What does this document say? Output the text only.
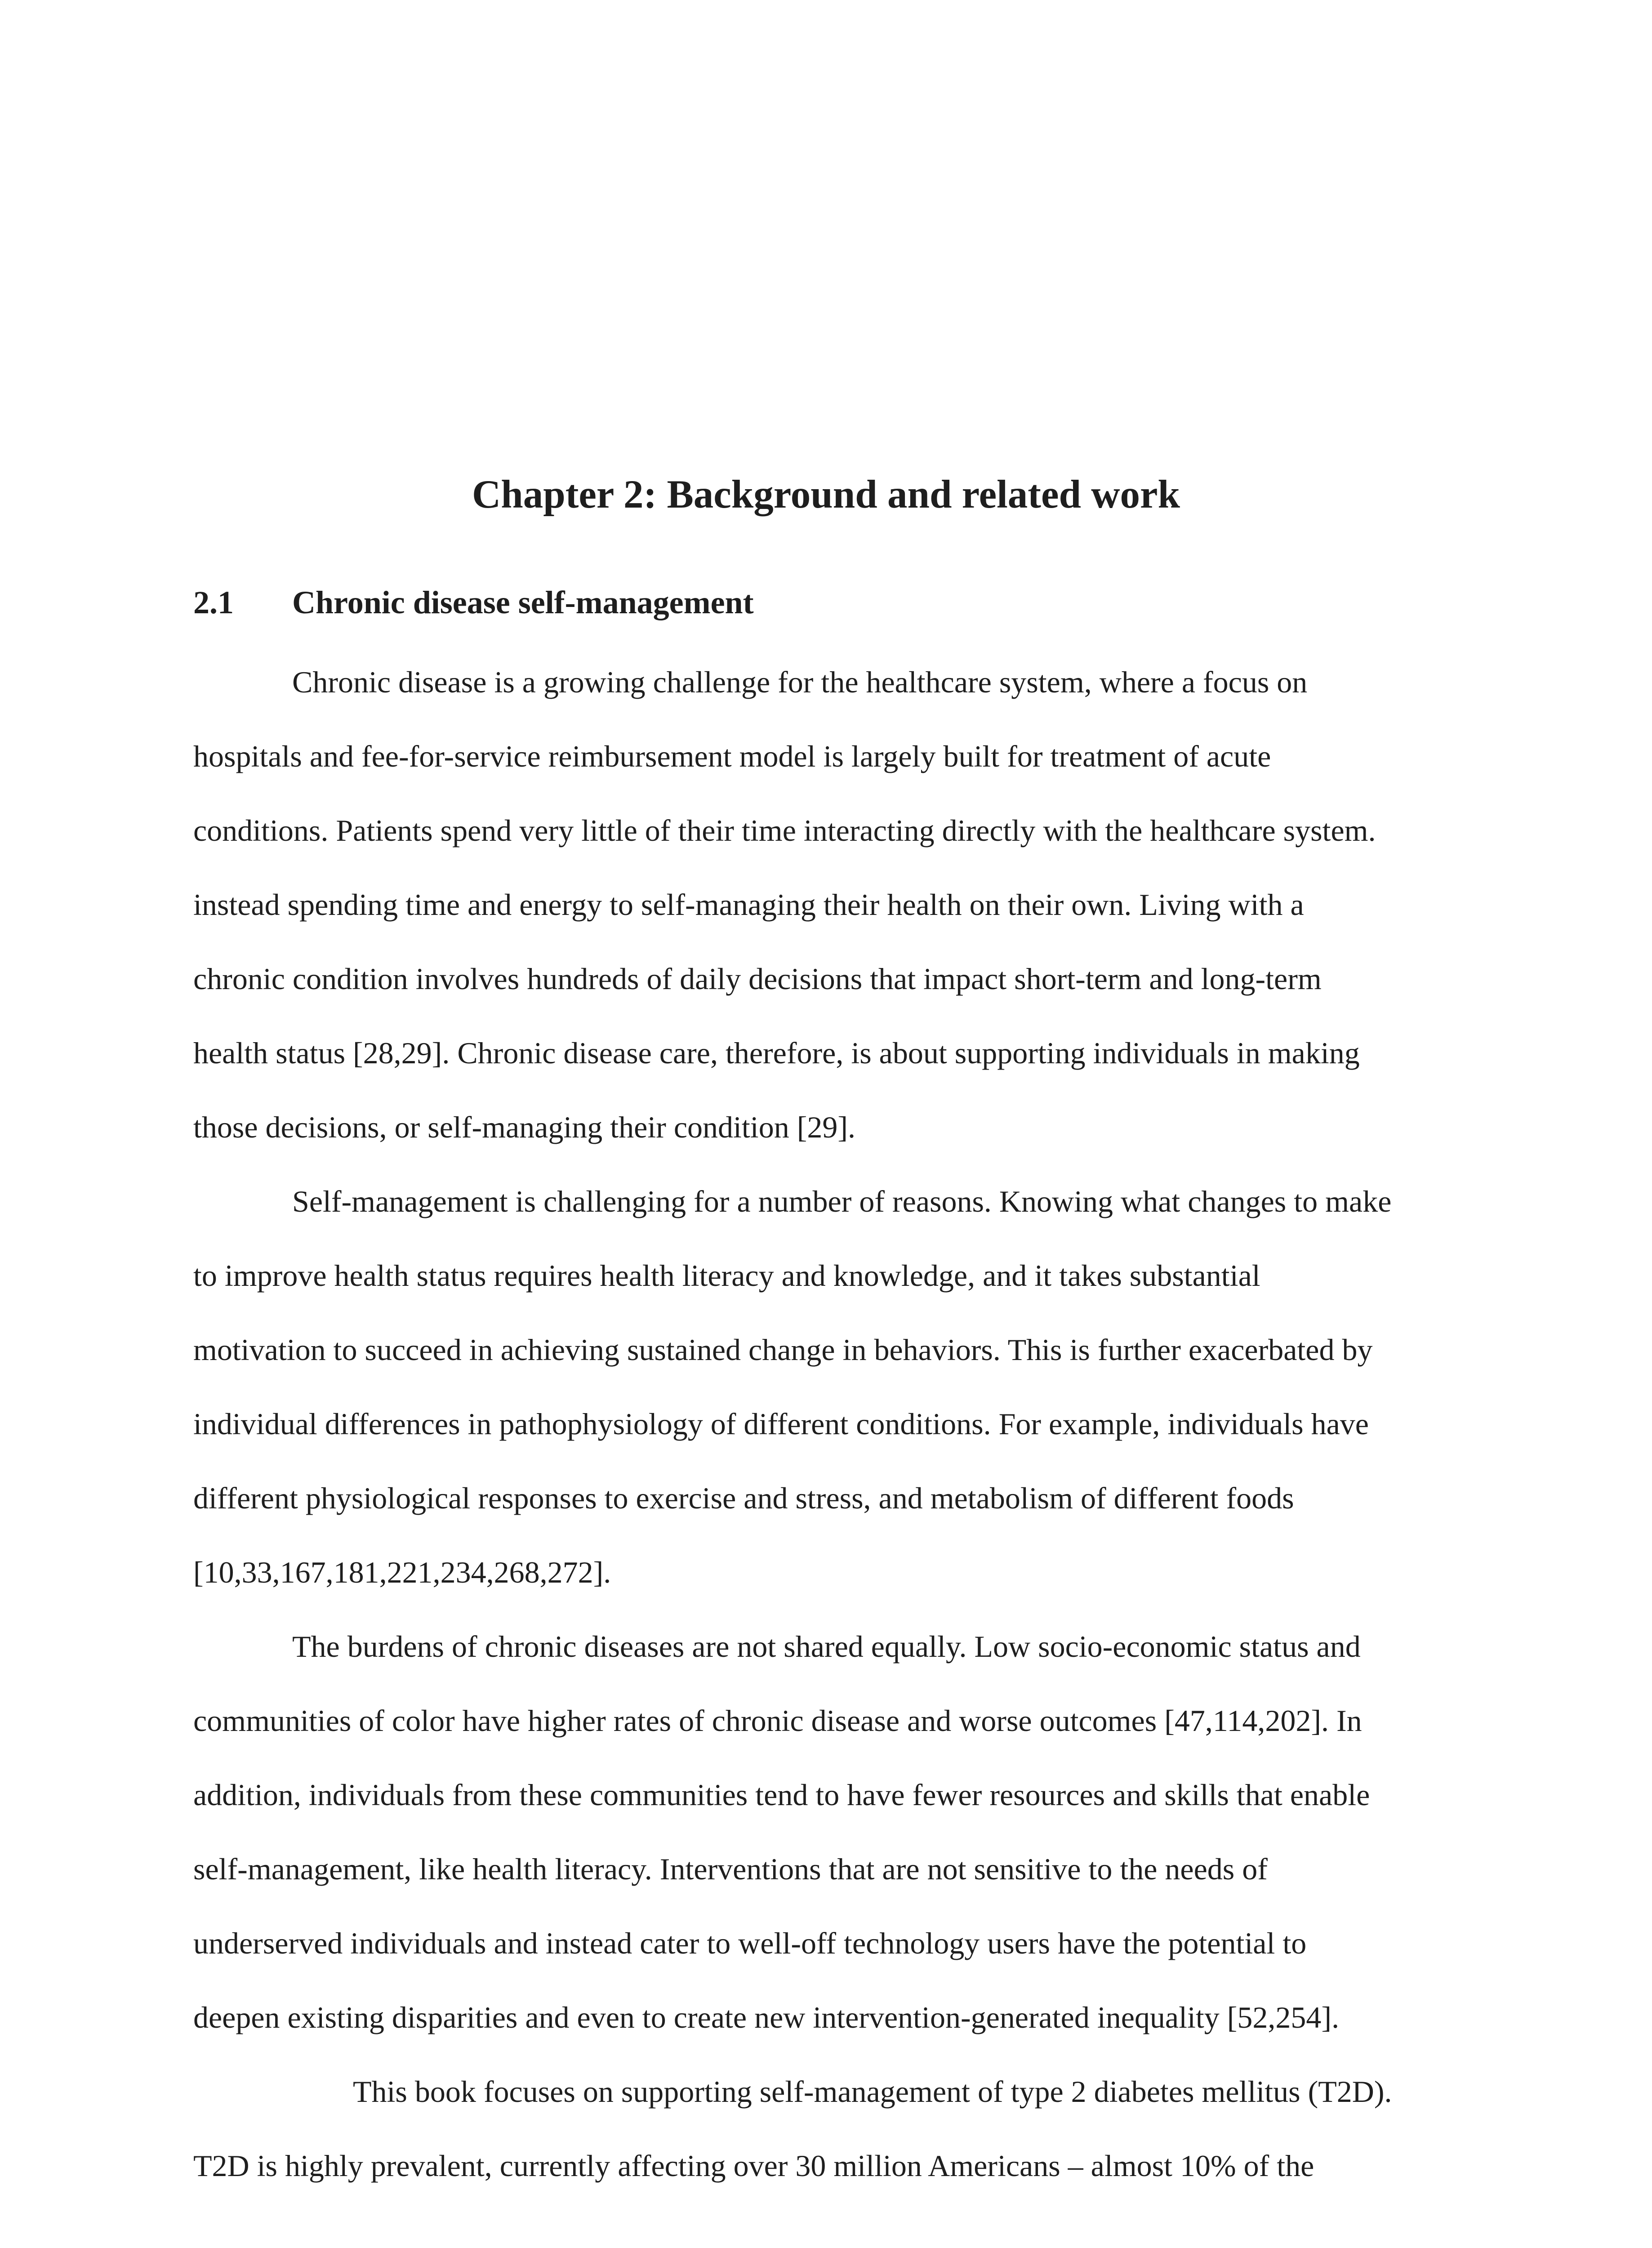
Chapter 2: Background and related work
2.1 Chronic disease self-management

Chronic disease is a growing challenge for the healthcare system, where a focus on

hospitals and fee-for-service reimbursement model is largely built for treatment of acute

conditions. Patients spend very little of their time interacting directly with the healthcare system.

instead spending time and energy to self-managing their health on their own. Living with a

chronic condition involves hundreds of daily decisions that impact short-term and long-term

health status [28,29]. Chronic disease care, therefore, is about supporting individuals in making

those decisions, or self-managing their condition [29].

Self-management is challenging for a number of reasons. Knowing what changes to make

to improve health status requires health literacy and knowledge, and it takes substantial

motivation to succeed in achieving sustained change in behaviors. This is further exacerbated by

individual differences in pathophysiology of different conditions. For example, individuals have

different physiological responses to exercise and stress, and metabolism of different foods

[10,33,167,181,221,234,268,272].

The burdens of chronic diseases are not shared equally. Low socio-economic status and

communities of color have higher rates of chronic disease and worse outcomes [47,114,202]. In

addition, individuals from these communities tend to have fewer resources and skills that enable

self-management, like health literacy. Interventions that are not sensitive to the needs of

underserved individuals and instead cater to well-off technology users have the potential to

deepen existing disparities and even to create new intervention-generated inequality [52,254].

This book focuses on supporting self-management of type 2 diabetes mellitus (T2D).

T2D is highly prevalent, currently affecting over 30 million Americans – almost 10% of the
